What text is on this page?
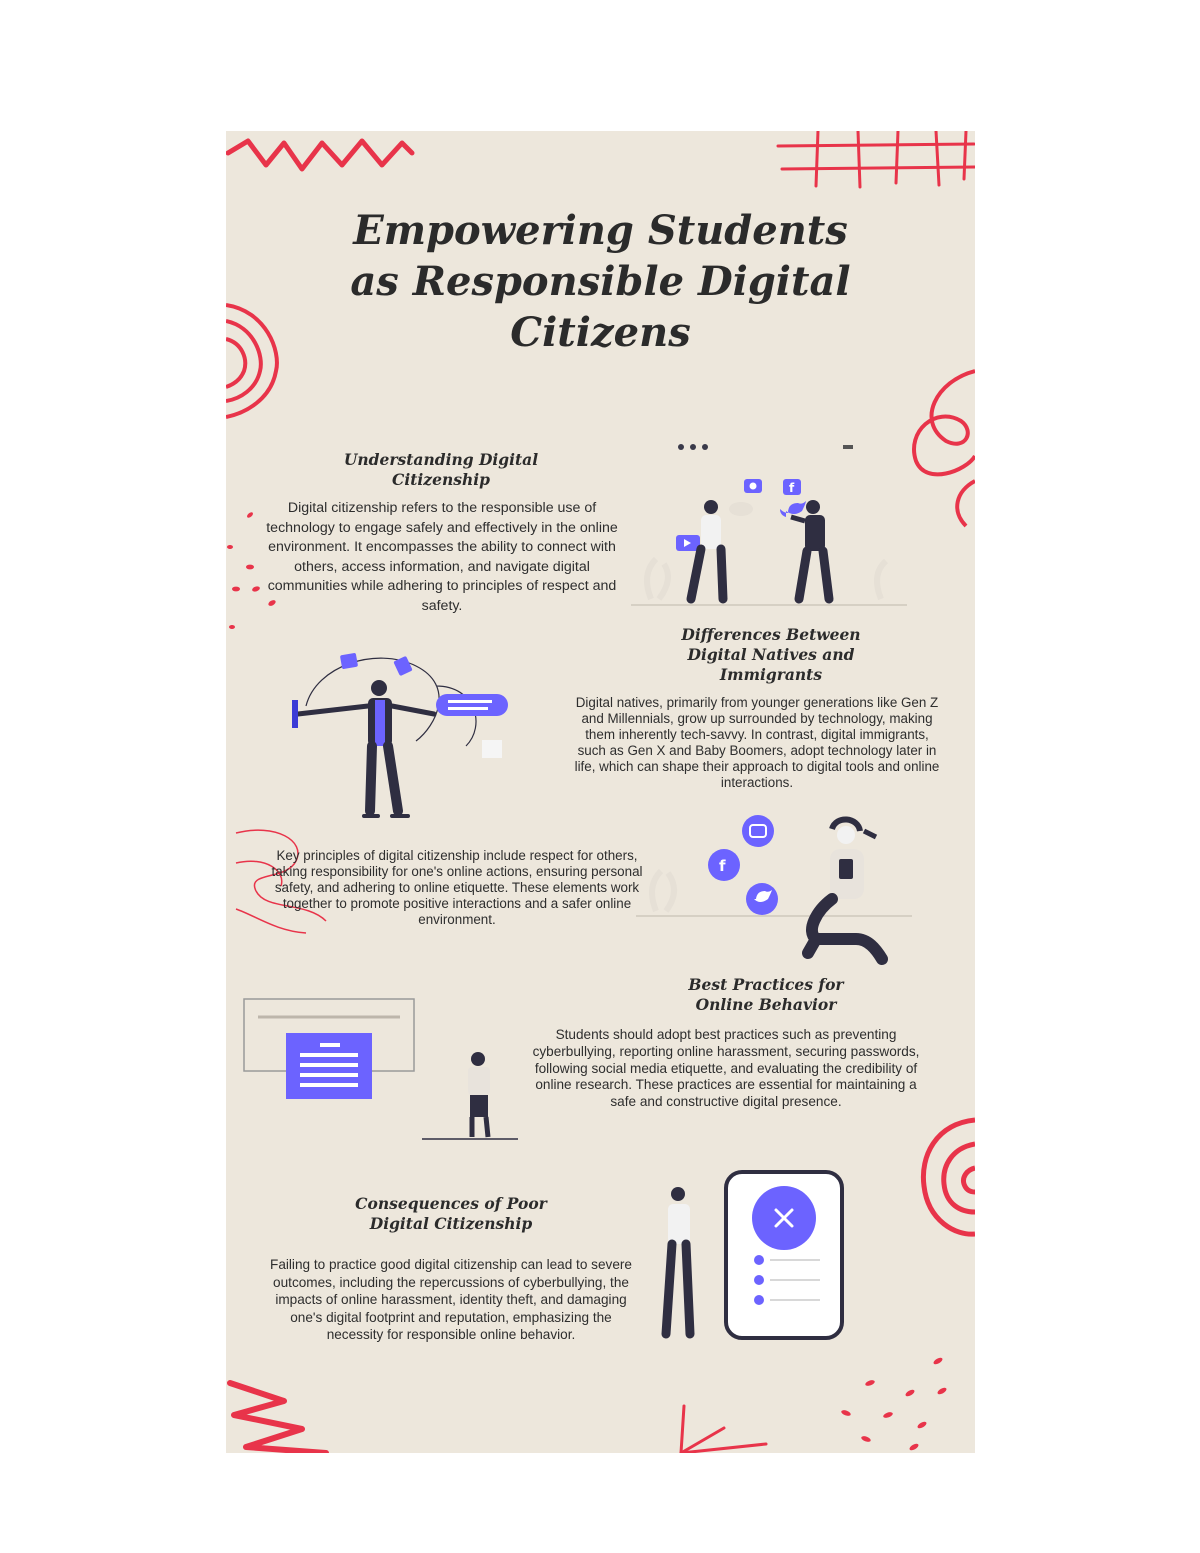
Empowering Students
as Responsible Digital
Citizens
Understanding Digital
Citizenship

Digital citizenship refers to the responsible use of technology to engage safely and effectively in the online environment. It encompasses the ability to connect with others, access information, and navigate digital communities while adhering to principles of respect and safety.

f
Differences Between
Digital Natives and
Immigrants

Digital natives, primarily from younger generations like Gen Z and Millennials, grow up surrounded by technology, making them inherently tech-savvy. In contrast, digital immigrants, such as Gen X and Baby Boomers, adopt technology later in life, which can shape their approach to digital tools and online interactions.

Key principles of digital citizenship include respect for others, taking responsibility for one's online actions, ensuring personal safety, and adhering to online etiquette. These elements work together to promote positive interactions and a safer online environment.

f
Best Practices for
Online Behavior

Students should adopt best practices such as preventing cyberbullying, reporting online harassment, securing passwords, following social media etiquette, and evaluating the credibility of online research. These practices are essential for maintaining a safe and constructive digital presence.

Consequences of Poor
Digital Citizenship

Failing to practice good digital citizenship can lead to severe outcomes, including the repercussions of cyberbullying, the impacts of online harassment, identity theft, and damaging one's digital footprint and reputation, emphasizing the necessity for responsible online behavior.
